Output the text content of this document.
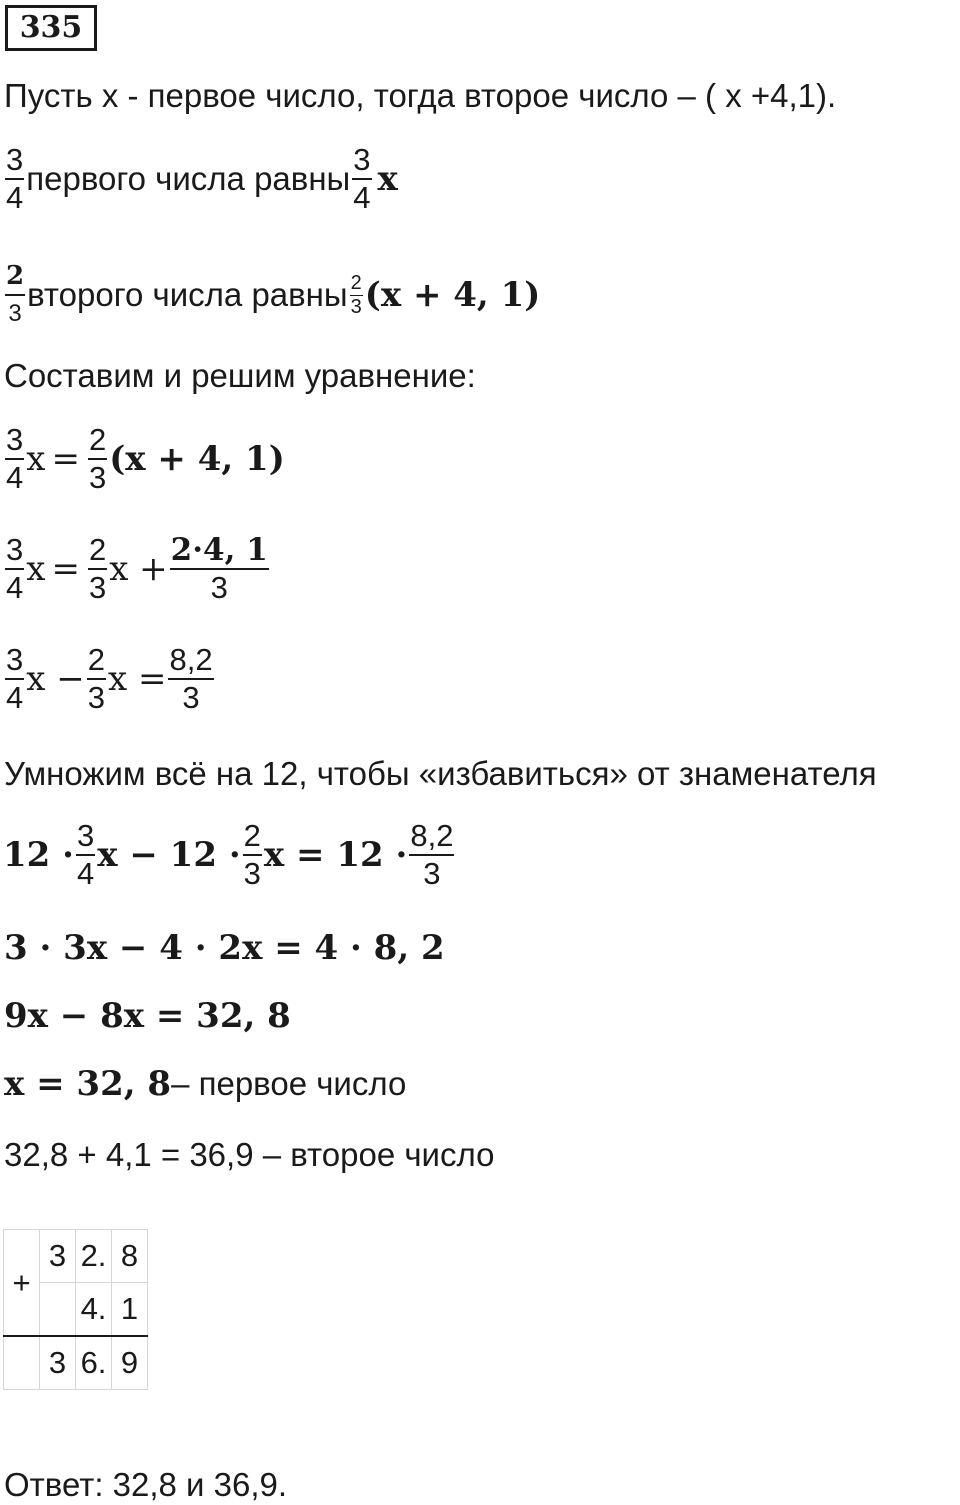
335
Пусть x - первое число, тогда второе число – ( x +4,1).
$\frac{3}{4}$ первого числа равны $\frac{3}{4}$ x
$\frac{2}{3}$ второго числа равны $\frac{2}{3} (x + 4$, 1)
Составим и решим уравнение:
$\frac{3}{4}$ $x = \frac{2}{3} (x + 4$, 1)
$\frac{3}{4}$ $x = \frac{2}{3}$ $x + \frac{2\cdot 4, 1}{3}$
$\frac{3}{4}$ $x - \frac{2}{3}$ $x = \frac{8,2}{3}$
Умножим всё на 12, чтобы «избавиться» от знаменателя
$12 \cdot \frac{3}{4}$ $x - 12 \cdot \frac{2}{3}$ $x = 12 \cdot \frac{8,2}{3}$
3 · 3x − 4 · 2x = 4 · 8, 2
9x − 8x = 32, 8
x = 32, 8 – первое число
32,8 + 4,1 = 36,9 – второе число
+	3	2.	8
		4.	1
	3	6.	9
Ответ: 32,8 и 36,9.
